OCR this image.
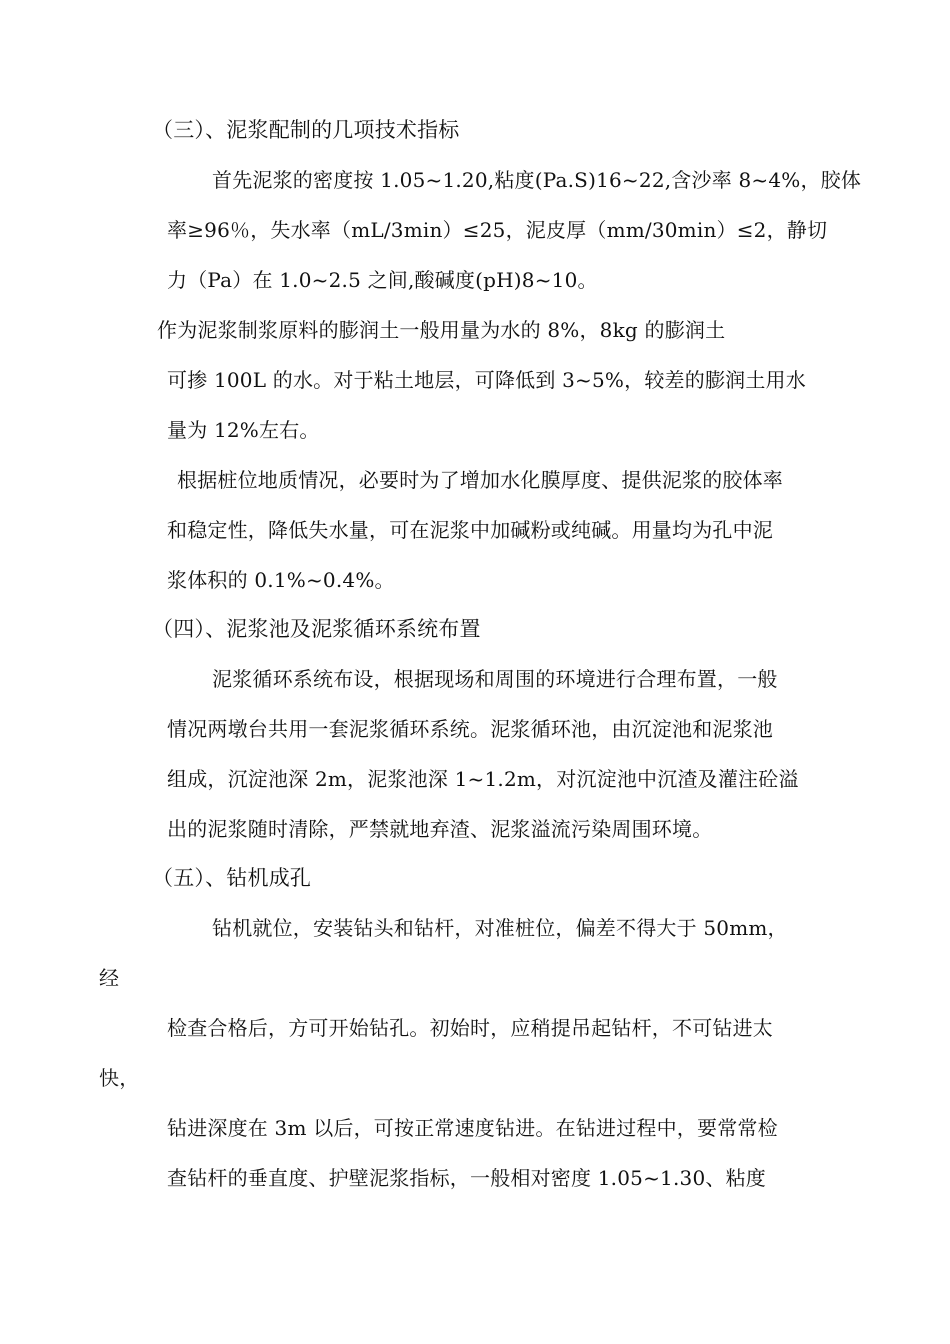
（三）、泥浆配制的几项技术指标
首先泥浆的密度按 1.05~1.20,粘度(Pa.S)16~22,含沙率 8~4%，胶体
率≥96％，失水率（mL/3min）≤25，泥皮厚（mm/30min）≤2，静切
力（Pa）在 1.0~2.5 之间,酸碱度(pH)8~10。
作为泥浆制浆原料的膨润土一般用量为水的 8%，8kg 的膨润土
可掺 100L 的水。对于粘土地层，可降低到 3~5%，较差的膨润土用水
量为 12%左右。
根据桩位地质情况，必要时为了增加水化膜厚度、提供泥浆的胶体率
和稳定性，降低失水量，可在泥浆中加碱粉或纯碱。用量均为孔中泥
浆体积的 0.1%~0.4%。
（四）、泥浆池及泥浆循环系统布置
泥浆循环系统布设，根据现场和周围的环境进行合理布置，一般
情况两墩台共用一套泥浆循环系统。泥浆循环池，由沉淀池和泥浆池
组成，沉淀池深 2m，泥浆池深 1~1.2m，对沉淀池中沉渣及灌注砼溢
出的泥浆随时清除，严禁就地弃渣、泥浆溢流污染周围环境。
（五）、钻机成孔
钻机就位，安装钻头和钻杆，对准桩位，偏差不得大于 50mm，
经
检查合格后，方可开始钻孔。初始时，应稍提吊起钻杆，不可钻进太
快，
钻进深度在 3m 以后，可按正常速度钻进。在钻进过程中，要常常检
查钻杆的垂直度、护壁泥浆指标，一般相对密度 1.05~1.30、粘度
